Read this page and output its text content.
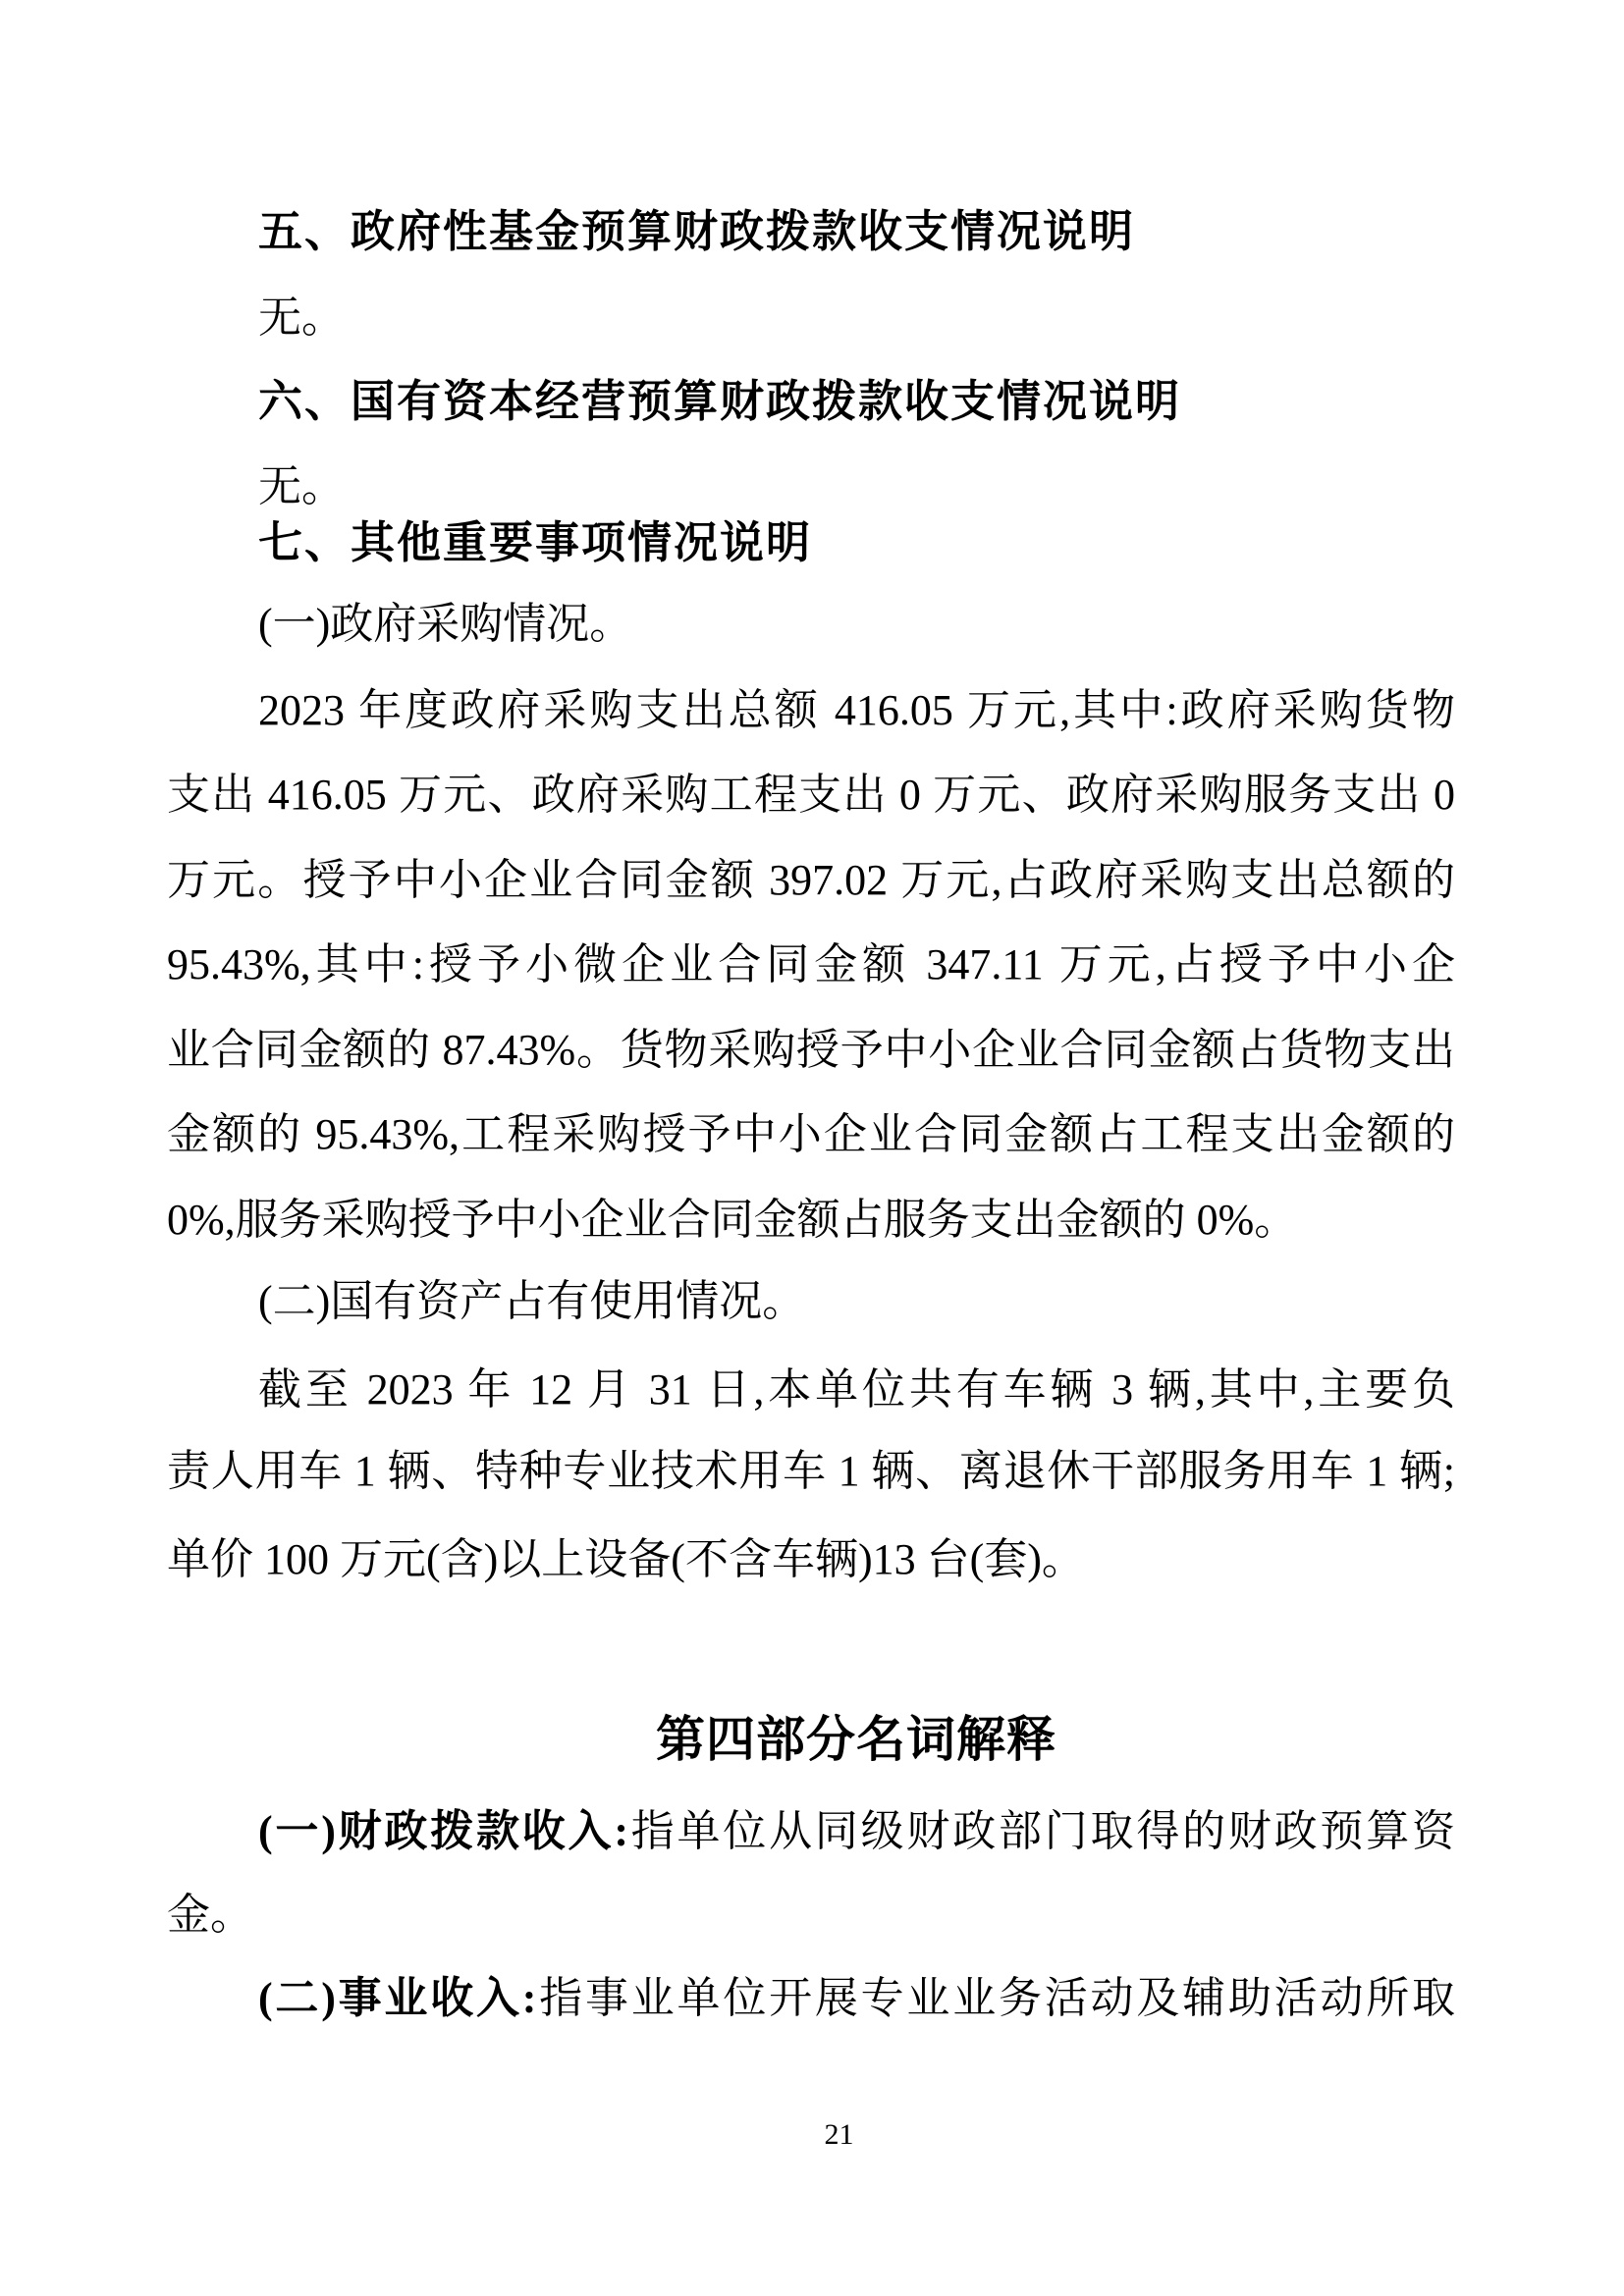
五、政府性基金预算财政拨款收支情况说明
无。
六、国有资本经营预算财政拨款收支情况说明
无。
七、其他重要事项情况说明
(一)政府采购情况。
2023 年度政府采购支出总额 416.05 万元,其中:政府采购货物
支出 416.05 万元、政府采购工程支出 0 万元、政府采购服务支出 0
万元。授予中小企业合同金额 397.02 万元,占政府采购支出总额的
95.43%,其中:授予小微企业合同金额 347.11 万元,占授予中小企
业合同金额的 87.43%。货物采购授予中小企业合同金额占货物支出
金额的 95.43%,工程采购授予中小企业合同金额占工程支出金额的
0%,服务采购授予中小企业合同金额占服务支出金额的 0%。
(二)国有资产占有使用情况。
截至 2023 年 12 月 31 日,本单位共有车辆 3 辆,其中,主要负
责人用车 1 辆、特种专业技术用车 1 辆、离退休干部服务用车 1 辆;
单价 100 万元(含)以上设备(不含车辆)13 台(套)。
第四部分名词解释
(一)财政拨款收入:指单位从同级财政部门取得的财政预算资
金。
(二)事业收入:指事业单位开展专业业务活动及辅助活动所取
21
